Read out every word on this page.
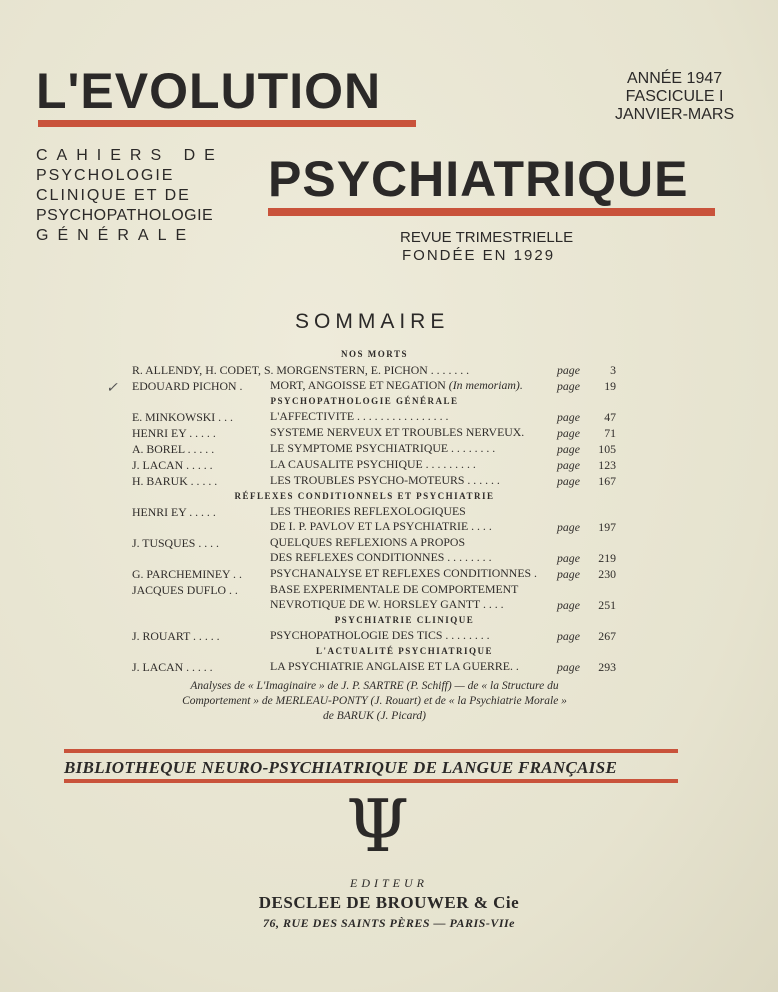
L'EVOLUTION	ANNÉE 1947
FASCICULE I
JANVIER-MARS
CAHIERS DE
PSYCHOLOGIE
CLINIQUE ET DE
PSYCHOPATHOLOGIE
GÉNÉRALE
PSYCHIATRIQUE
REVUE TRIMESTRIELLE
FONDÉE EN 1929
SOMMAIRE
✓
NOS MORTS
R. ALLENDY, H. CODET, S. MORGENSTERN, E. PICHON . . . . . . .	page	3
EDOUARD PICHON .	MORT, ANGOISSE ET NEGATION (In memoriam).	page	19
PSYCHOPATHOLOGIE GÉNÉRALE
E. MINKOWSKI . . .	L'AFFECTIVITE . . . . . . . . . . . . . . . .	page	47
HENRI EY . . . . .	SYSTEME NERVEUX ET TROUBLES NERVEUX.	page	71
A. BOREL . . . . .	LE SYMPTOME PSYCHIATRIQUE . . . . . . . .	page	105
J. LACAN . . . . .	LA CAUSALITE PSYCHIQUE . . . . . . . . .	page	123
H. BARUK . . . . .	LES TROUBLES PSYCHO-MOTEURS . . . . . .	page	167
RÉFLEXES CONDITIONNELS ET PSYCHIATRIE
HENRI EY . . . . .	LES THEORIES REFLEXOLOGIQUES
DE I. P. PAVLOV ET LA PSYCHIATRIE . . . .	page	197
J. TUSQUES . . . .	QUELQUES REFLEXIONS A PROPOS
DES REFLEXES CONDITIONNES . . . . . . . .	page	219
G. PARCHEMINEY . .	PSYCHANALYSE ET REFLEXES CONDITIONNES .	page	230
JACQUES DUFLO . .	BASE EXPERIMENTALE DE COMPORTEMENT
NEVROTIQUE DE W. HORSLEY GANTT . . . .	page	251
PSYCHIATRIE CLINIQUE
J. ROUART . . . . .	PSYCHOPATHOLOGIE DES TICS . . . . . . . .	page	267
L'ACTUALITÉ PSYCHIATRIQUE
J. LACAN . . . . .	LA PSYCHIATRIE ANGLAISE ET LA GUERRE. .	page	293
Analyses de « L'Imaginaire » de J. P. SARTRE (P. Schiff) — de « la Structure du
Comportement » de MERLEAU-PONTY (J. Rouart) et de « la Psychiatrie Morale »
de BARUK (J. Picard)
BIBLIOTHEQUE NEURO-PSYCHIATRIQUE DE LANGUE FRANÇAISE
Ψ
EDITEUR
DESCLEE DE BROUWER & Cie
76, RUE DES SAINTS PÈRES — PARIS-VIIe
